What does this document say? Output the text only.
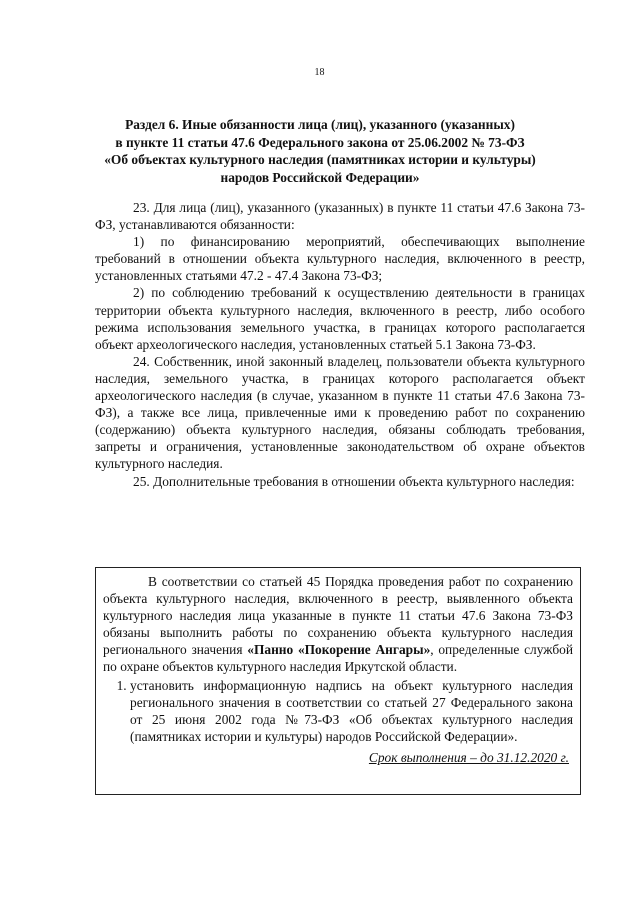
18
Раздел 6. Иные обязанности лица (лиц), указанного (указанных)
в пункте 11 статьи 47.6 Федерального закона от 25.06.2002 № 73-ФЗ
«Об объектах культурного наследия (памятниках истории и культуры)
народов Российской Федерации»

23. Для лица (лиц), указанного (указанных) в пункте 11 статьи 47.6 Закона 73-ФЗ, устанавливаются обязанности:

1) по финансированию мероприятий, обеспечивающих выполнение требований в отношении объекта культурного наследия, включенного в реестр, установленных статьями 47.2 - 47.4 Закона 73-ФЗ;

2) по соблюдению требований к осуществлению деятельности в границах территории объекта культурного наследия, включенного в реестр, либо особого режима использования земельного участка, в границах которого располагается объект археологического наследия, установленных статьей 5.1 Закона 73-ФЗ.

24. Собственник, иной законный владелец, пользователи объекта культурного наследия, земельного участка, в границах которого располагается объект археологического наследия (в случае, указанном в пункте 11 статьи 47.6 Закона 73-ФЗ), а также все лица, привлеченные ими к проведению работ по сохранению (содержанию) объекта культурного наследия, обязаны соблюдать требования, запреты и ограничения, установленные законодательством об охране объектов культурного наследия.

25. Дополнительные требования в отношении объекта культурного наследия:

В соответствии со статьей 45 Порядка проведения работ по сохранению объекта культурного наследия, включенного в реестр, выявленного объекта культурного наследия лица указанные в пункте 11 статьи 47.6 Закона 73-ФЗ обязаны выполнить работы по сохранению объекта культурного наследия регионального значения «Панно «Покорение Ангары», определенные службой по охране объектов культурного наследия Иркутской области.

1. установить информационную надпись на объект культурного наследия регионального значения в соответствии со статьей 27 Федерального закона от 25 июня 2002 года №73-ФЗ «Об объектах культурного наследия (памятниках истории и культуры) народов Российской Федерации».
Срок выполнения – до 31.12.2020 г.
